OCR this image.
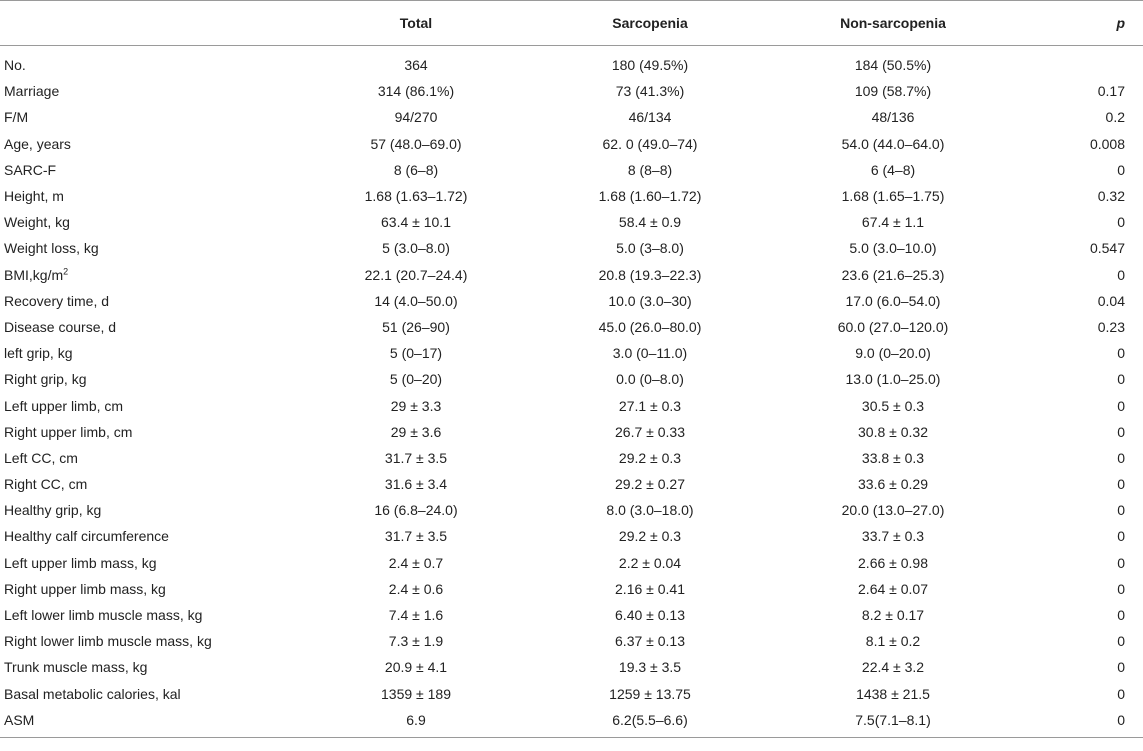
	Total	Sarcopenia	Non-sarcopenia	p
No.	364	180 (49.5%)	184 (50.5%)	
Marriage	314 (86.1%)	73 (41.3%)	109 (58.7%)	0.17
F/M	94/270	46/134	48/136	0.2
Age, years	57 (48.0–69.0)	62. 0 (49.0–74)	54.0 (44.0–64.0)	0.008
SARC-F	8 (6–8)	8 (8–8)	6 (4–8)	0
Height, m	1.68 (1.63–1.72)	1.68 (1.60–1.72)	1.68 (1.65–1.75)	0.32
Weight, kg	63.4 ± 10.1	58.4 ± 0.9	67.4 ± 1.1	0
Weight loss, kg	5 (3.0–8.0)	5.0 (3–8.0)	5.0 (3.0–10.0)	0.547
$BMI,kg/m^2$	22.1 (20.7–24.4)	20.8 (19.3–22.3)	23.6 (21.6–25.3)	0
Recovery time, d	14 (4.0–50.0)	10.0 (3.0–30)	17.0 (6.0–54.0)	0.04
Disease course, d	51 (26–90)	45.0 (26.0–80.0)	60.0 (27.0–120.0)	0.23
left grip, kg	5 (0–17)	3.0 (0–11.0)	9.0 (0–20.0)	0
Right grip, kg	5 (0–20)	0.0 (0–8.0)	13.0 (1.0–25.0)	0
Left upper limb, cm	29 ± 3.3	27.1 ± 0.3	30.5 ± 0.3	0
Right upper limb, cm	29 ± 3.6	26.7 ± 0.33	30.8 ± 0.32	0
Left CC, cm	31.7 ± 3.5	29.2 ± 0.3	33.8 ± 0.3	0
Right CC, cm	31.6 ± 3.4	29.2 ± 0.27	33.6 ± 0.29	0
Healthy grip, kg	16 (6.8–24.0)	8.0 (3.0–18.0)	20.0 (13.0–27.0)	0
Healthy calf circumference	31.7 ± 3.5	29.2 ± 0.3	33.7 ± 0.3	0
Left upper limb mass, kg	2.4 ± 0.7	2.2 ± 0.04	2.66 ± 0.98	0
Right upper limb mass, kg	2.4 ± 0.6	2.16 ± 0.41	2.64 ± 0.07	0
Left lower limb muscle mass, kg	7.4 ± 1.6	6.40 ± 0.13	8.2 ± 0.17	0
Right lower limb muscle mass, kg	7.3 ± 1.9	6.37 ± 0.13	8.1 ± 0.2	0
Trunk muscle mass, kg	20.9 ± 4.1	19.3 ± 3.5	22.4 ± 3.2	0
Basal metabolic calories, kal	1359 ± 189	1259 ± 13.75	1438 ± 21.5	0
ASM	6.9	6.2(5.5–6.6)	7.5(7.1–8.1)	0
